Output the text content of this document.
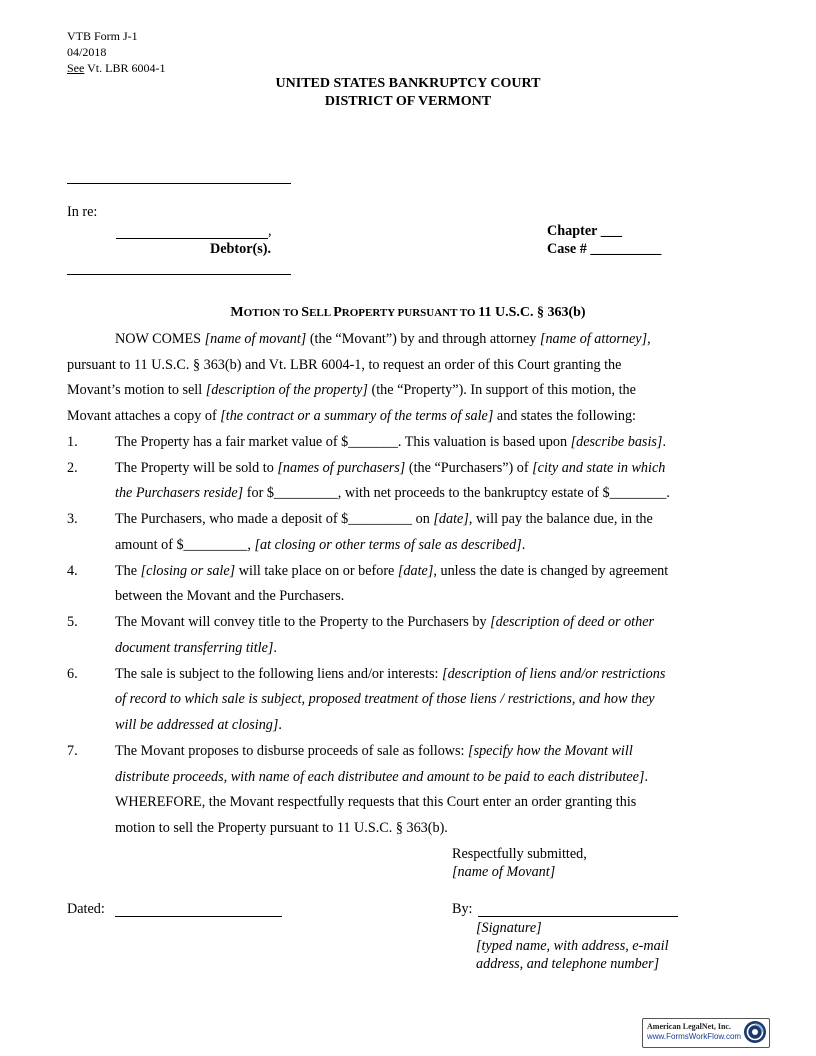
VTB Form J-1
04/2018
See Vt. LBR 6004-1
UNITED STATES BANKRUPTCY COURT
DISTRICT OF VERMONT
In re:
,
Debtor(s).
Chapter ___
Case # __________
MOTION TO SELL PROPERTY PURSUANT TO 11 U.S.C. § 363(b)
NOW COMES [name of movant] (the “Movant”) by and through attorney [name of attorney],
pursuant to 11 U.S.C. § 363(b) and Vt. LBR 6004-1, to request an order of this Court granting the
Movant’s motion to sell [description of the property] (the “Property”). In support of this motion, the
Movant attaches a copy of [the contract or a summary of the terms of sale] and states the following:
1.	The Property has a fair market value of $_______. This valuation is based upon [describe basis].
2.	The Property will be sold to [names of purchasers] (the “Purchasers”) of [city and state in which
the Purchasers reside] for $_________, with net proceeds to the bankruptcy estate of $________.
3.	The Purchasers, who made a deposit of $_________ on [date], will pay the balance due, in the
amount of $_________, [at closing or other terms of sale as described].
4.	The [closing or sale] will take place on or before [date], unless the date is changed by agreement
between the Movant and the Purchasers.
5.	The Movant will convey title to the Property to the Purchasers by [description of deed or other
document transferring title].
6.	The sale is subject to the following liens and/or interests: [description of liens and/or restrictions
of record to which sale is subject, proposed treatment of those liens / restrictions, and how they
will be addressed at closing].
7.	The Movant proposes to disburse proceeds of sale as follows: [specify how the Movant will
distribute proceeds, with name of each distributee and amount to be paid to each distributee].
WHEREFORE, the Movant respectfully requests that this Court enter an order granting this
motion to sell the Property pursuant to 11 U.S.C. § 363(b).
Respectfully submitted,
[name of Movant]
Dated:	By:
[Signature]
[typed name, with address, e-mail
address, and telephone number]
American LegalNet, Inc.
www.FormsWorkFlow.com
